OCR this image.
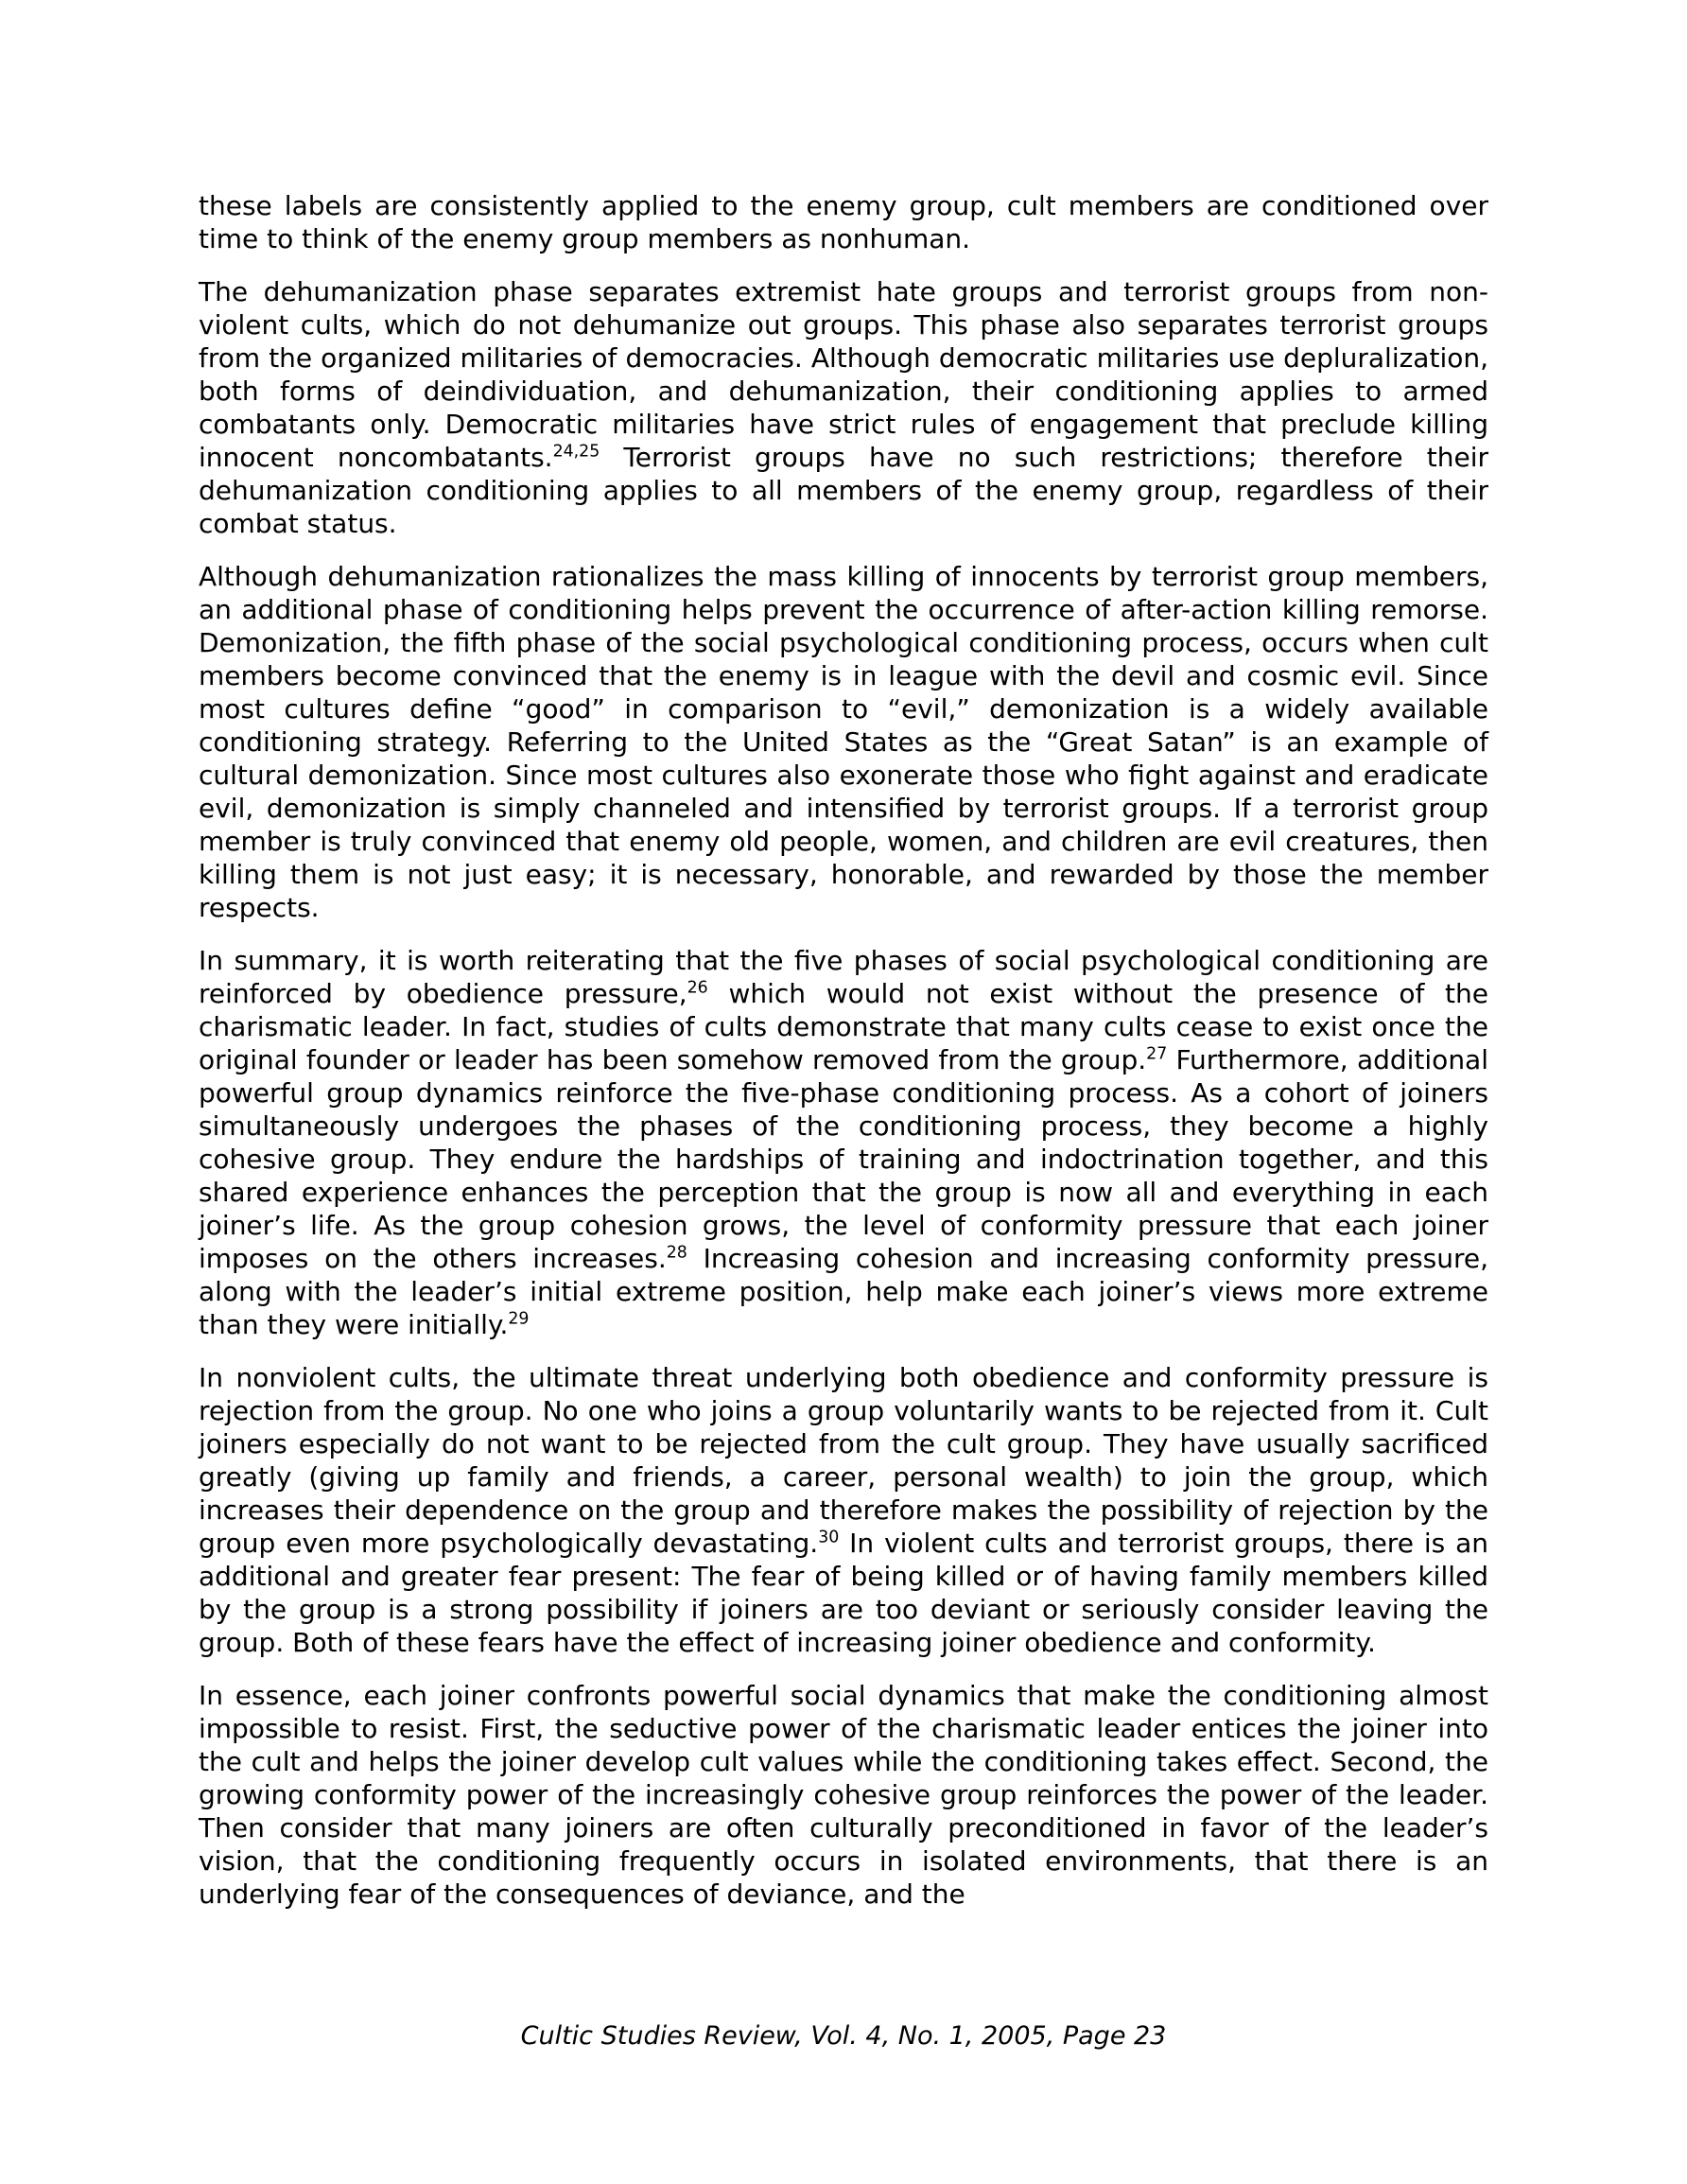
these labels are consistently applied to the enemy group, cult members are conditioned over time to think of the enemy group members as nonhuman.

The dehumanization phase separates extremist hate groups and terrorist groups from non-violent cults, which do not dehumanize out groups. This phase also separates terrorist groups from the organized militaries of democracies. Although democratic militaries use depluralization, both forms of deindividuation, and dehumanization, their conditioning applies to armed combatants only. Democratic militaries have strict rules of engagement that preclude killing innocent noncombatants.$^{24,25}$ Terrorist groups have no such restrictions; therefore their dehumanization conditioning applies to all members of the enemy group, regardless of their combat status.

Although dehumanization rationalizes the mass killing of innocents by terrorist group members, an additional phase of conditioning helps prevent the occurrence of after-action killing remorse. Demonization, the fifth phase of the social psychological conditioning process, occurs when cult members become convinced that the enemy is in league with the devil and cosmic evil. Since most cultures define “good” in comparison to “evil,” demonization is a widely available conditioning strategy. Referring to the United States as the “Great Satan” is an example of cultural demonization. Since most cultures also exonerate those who fight against and eradicate evil, demonization is simply channeled and intensified by terrorist groups. If a terrorist group member is truly convinced that enemy old people, women, and children are evil creatures, then killing them is not just easy; it is necessary, honorable, and rewarded by those the member respects.

In summary, it is worth reiterating that the five phases of social psychological conditioning are reinforced by obedience pressure,$^{26}$ which would not exist without the presence of the charismatic leader. In fact, studies of cults demonstrate that many cults cease to exist once the original founder or leader has been somehow removed from the group.$^{27}$ Furthermore, additional powerful group dynamics reinforce the five-phase conditioning process. As a cohort of joiners simultaneously undergoes the phases of the conditioning process, they become a highly cohesive group. They endure the hardships of training and indoctrination together, and this shared experience enhances the perception that the group is now all and everything in each joiner’s life. As the group cohesion grows, the level of conformity pressure that each joiner imposes on the others increases.$^{28}$ Increasing cohesion and increasing conformity pressure, along with the leader’s initial extreme position, help make each joiner’s views more extreme than they were initially.$^{29}$

In nonviolent cults, the ultimate threat underlying both obedience and conformity pressure is rejection from the group. No one who joins a group voluntarily wants to be rejected from it. Cult joiners especially do not want to be rejected from the cult group. They have usually sacrificed greatly (giving up family and friends, a career, personal wealth) to join the group, which increases their dependence on the group and therefore makes the possibility of rejection by the group even more psychologically devastating.$^{30}$ In violent cults and terrorist groups, there is an additional and greater fear present: The fear of being killed or of having family members killed by the group is a strong possibility if joiners are too deviant or seriously consider leaving the group. Both of these fears have the effect of increasing joiner obedience and conformity.

In essence, each joiner confronts powerful social dynamics that make the conditioning almost impossible to resist. First, the seductive power of the charismatic leader entices the joiner into the cult and helps the joiner develop cult values while the conditioning takes effect. Second, the growing conformity power of the increasingly cohesive group reinforces the power of the leader. Then consider that many joiners are often culturally preconditioned in favor of the leader’s vision, that the conditioning frequently occurs in isolated environments, that there is an underlying fear of the consequences of deviance, and the

Cultic Studies Review, Vol. 4, No. 1, 2005, Page 23
